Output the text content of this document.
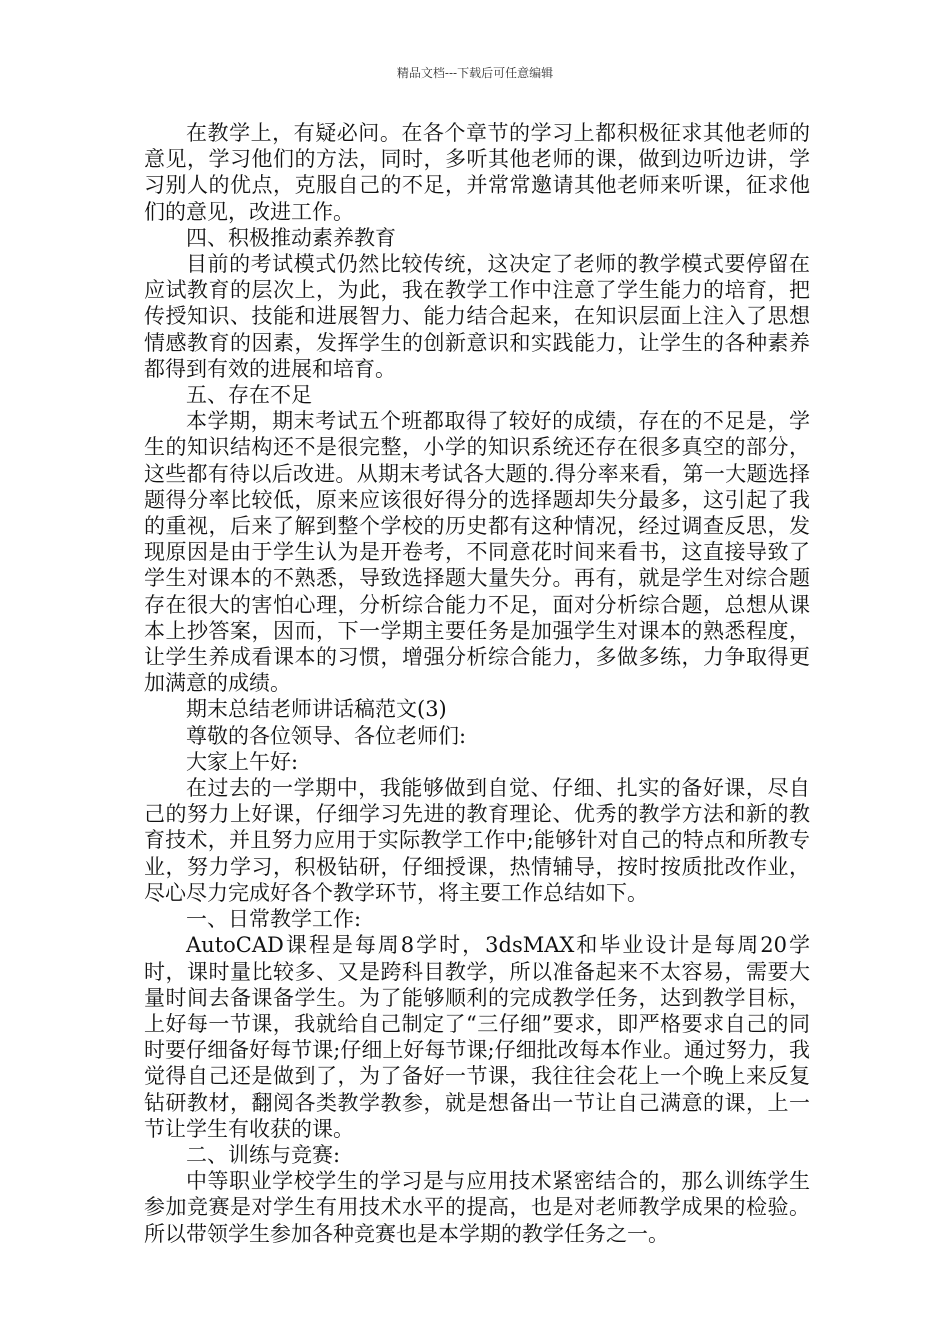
精品文档---下载后可任意编辑

在教学上，有疑必问。在各个章节的学习上都积极征求其他老师的意见，学习他们的方法，同时，多听其他老师的课，做到边听边讲，学习别人的优点，克服自己的不足，并常常邀请其他老师来听课，征求他们的意见，改进工作。

四、积极推动素养教育

目前的考试模式仍然比较传统，这决定了老师的教学模式要停留在应试教育的层次上，为此，我在教学工作中注意了学生能力的培育，把传授知识、技能和进展智力、能力结合起来，在知识层面上注入了思想情感教育的因素，发挥学生的创新意识和实践能力，让学生的各种素养都得到有效的进展和培育。

五、存在不足

本学期，期末考试五个班都取得了较好的成绩，存在的不足是，学生的知识结构还不是很完整，小学的知识系统还存在很多真空的部分，这些都有待以后改进。从期末考试各大题的.得分率来看，第一大题选择题得分率比较低，原来应该很好得分的选择题却失分最多，这引起了我的重视，后来了解到整个学校的历史都有这种情况，经过调查反思，发现原因是由于学生认为是开卷考，不同意花时间来看书，这直接导致了学生对课本的不熟悉，导致选择题大量失分。再有，就是学生对综合题存在很大的害怕心理，分析综合能力不足，面对分析综合题，总想从课本上抄答案，因而，下一学期主要任务是加强学生对课本的熟悉程度，让学生养成看课本的习惯，增强分析综合能力，多做多练，力争取得更加满意的成绩。

期末总结老师讲话稿范文(3)

尊敬的各位领导、各位老师们:

大家上午好:

在过去的一学期中，我能够做到自觉、仔细、扎实的备好课，尽自己的努力上好课，仔细学习先进的教育理论、优秀的教学方法和新的教育技术，并且努力应用于实际教学工作中;能够针对自己的特点和所教专业，努力学习，积极钻研，仔细授课，热情辅导，按时按质批改作业，尽心尽力完成好各个教学环节，将主要工作总结如下。

一、日常教学工作:

AutoCAD课程是每周8学时，3dsMAX和毕业设计是每周20学时，课时量比较多、又是跨科目教学，所以准备起来不太容易，需要大量时间去备课备学生。为了能够顺利的完成教学任务，达到教学目标，上好每一节课，我就给自己制定了“三仔细”要求，即严格要求自己的同时要仔细备好每节课;仔细上好每节课;仔细批改每本作业。通过努力，我觉得自己还是做到了，为了备好一节课，我往往会花上一个晚上来反复钻研教材，翻阅各类教学教参，就是想备出一节让自己满意的课，上一节让学生有收获的课。

二、训练与竞赛:

中等职业学校学生的学习是与应用技术紧密结合的，那么训练学生参加竞赛是对学生有用技术水平的提高，也是对老师教学成果的检验。所以带领学生参加各种竞赛也是本学期的教学任务之一。
